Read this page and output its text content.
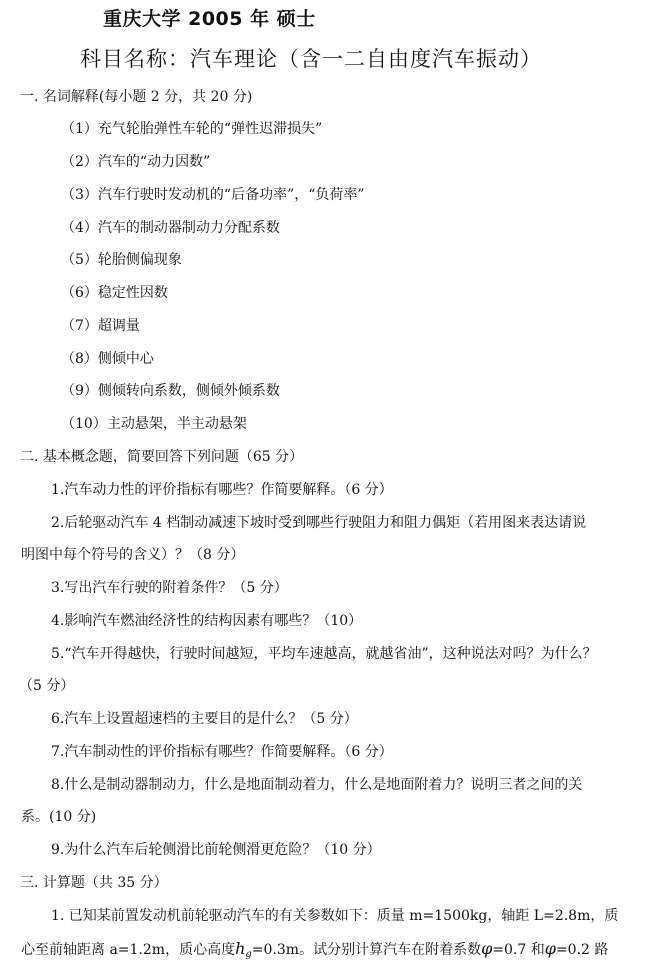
重庆大学 2005 年 硕士
科目名称：汽车理论（含一二自由度汽车振动）
一. 名词解释(每小题 2 分，共 20 分)
（1）充气轮胎弹性车轮的“弹性迟滞损失”
（2）汽车的“动力因数”
（3）汽车行驶时发动机的“后备功率”，“负荷率”
（4）汽车的制动器制动力分配系数
（5）轮胎侧偏现象
（6）稳定性因数
（7）超调量
（8）侧倾中心
（9）侧倾转向系数，侧倾外倾系数
（10）主动悬架，半主动悬架
二. 基本概念题，简要回答下列问题（65 分）
1.汽车动力性的评价指标有哪些？作简要解释。（6 分）
2.后轮驱动汽车 4 档制动减速下坡时受到哪些行驶阻力和阻力偶矩（若用图来表达请说
明图中每个符号的含义）？（8 分）
3.写出汽车行驶的附着条件？（5 分）
4.影响汽车燃油经济性的结构因素有哪些？（10）
5.“汽车开得越快，行驶时间越短，平均车速越高，就越省油”，这种说法对吗？为什么？
（5 分）
6.汽车上设置超速档的主要目的是什么？（5 分）
7.汽车制动性的评价指标有哪些？作简要解释。（6 分）
8.什么是制动器制动力，什么是地面制动着力，什么是地面附着力？说明三者之间的关
系。(10 分)
9.为什么汽车后轮侧滑比前轮侧滑更危险？（10 分）
三. 计算题（共 35 分）
1. 已知某前置发动机前轮驱动汽车的有关参数如下：质量 m=1500kg，轴距 L=2.8m，质
心至前轴距离 a=1.2m，质心高度$h_g=0.3m$。试分别计算汽车在附着系数φ=0.7 和φ=0.2 路
